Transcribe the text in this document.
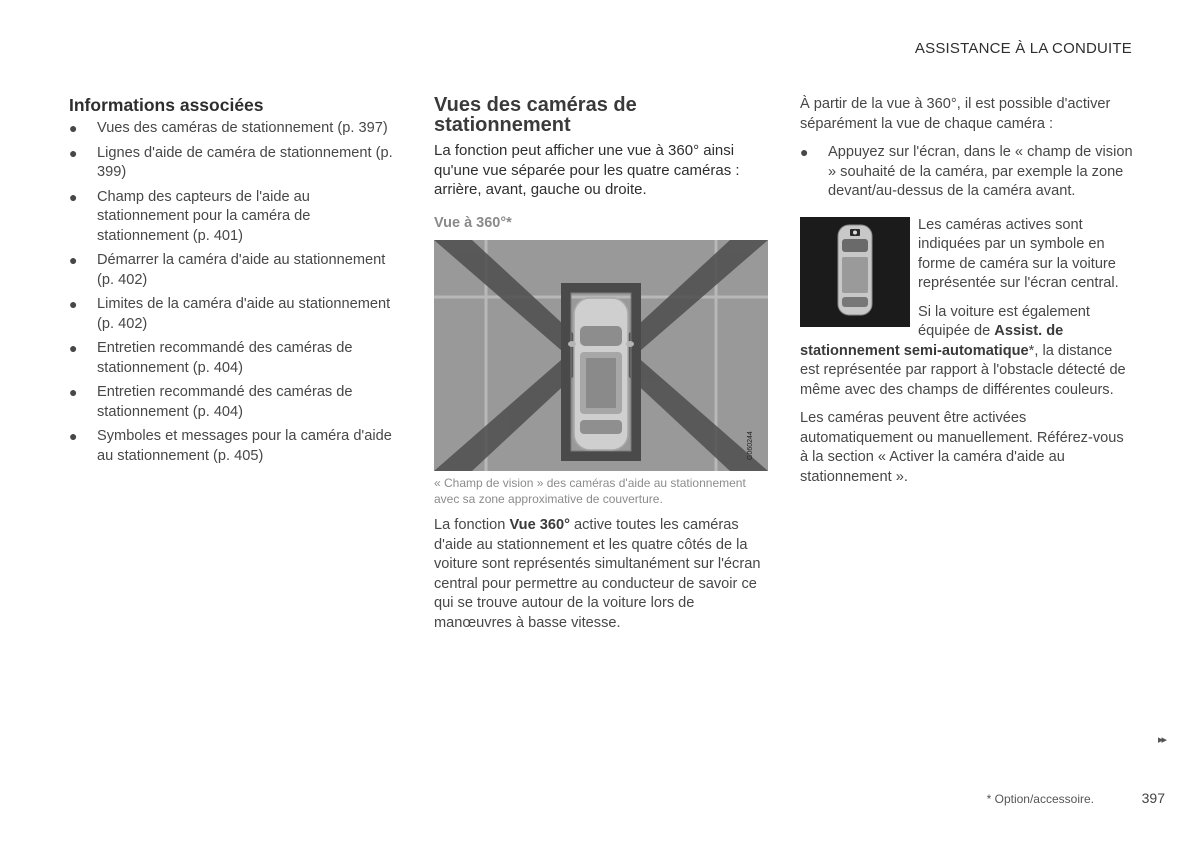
ASSISTANCE À LA CONDUITE
Informations associées
● Vues des caméras de stationnement (p. 397)
● Lignes d'aide de caméra de stationnement (p. 399)
● Champ des capteurs de l'aide au stationnement pour la caméra de stationnement (p. 401)
● Démarrer la caméra d'aide au stationnement (p. 402)
● Limites de la caméra d'aide au stationnement (p. 402)
● Entretien recommandé des caméras de stationnement (p. 404)
● Entretien recommandé des caméras de stationnement (p. 404)
● Symboles et messages pour la caméra d'aide au stationnement (p. 405)
Vues des caméras de stationnement

La fonction peut afficher une vue à 360° ainsi qu'une vue séparée pour les quatre caméras : arrière, avant, gauche ou droite.

Vue à 360°*
G060244
« Champ de vision » des caméras d'aide au stationnement avec sa zone approximative de couverture.

La fonction Vue 360° active toutes les caméras d'aide au stationnement et les quatre côtés de la voiture sont représentés simultanément sur l'écran central pour permettre au conducteur de savoir ce qui se trouve autour de la voiture lors de manœuvres à basse vitesse.

À partir de la vue à 360°, il est possible d'activer séparément la vue de chaque caméra :

● Appuyez sur l'écran, dans le « champ de vision » souhaité de la caméra, par exemple la zone devant/au-dessus de la caméra avant.

Les caméras actives sont indiquées par un symbole en forme de caméra sur la voiture représentée sur l'écran central.

Si la voiture est également équipée de Assist. de stationnement semi-automatique*, la distance est représentée par rapport à l'obstacle détecté de même avec des champs de différentes couleurs.

Les caméras peuvent être activées automatiquement ou manuellement. Référez-vous à la section « Activer la caméra d'aide au stationnement ».

▸▸
* Option/accessoire.	397
